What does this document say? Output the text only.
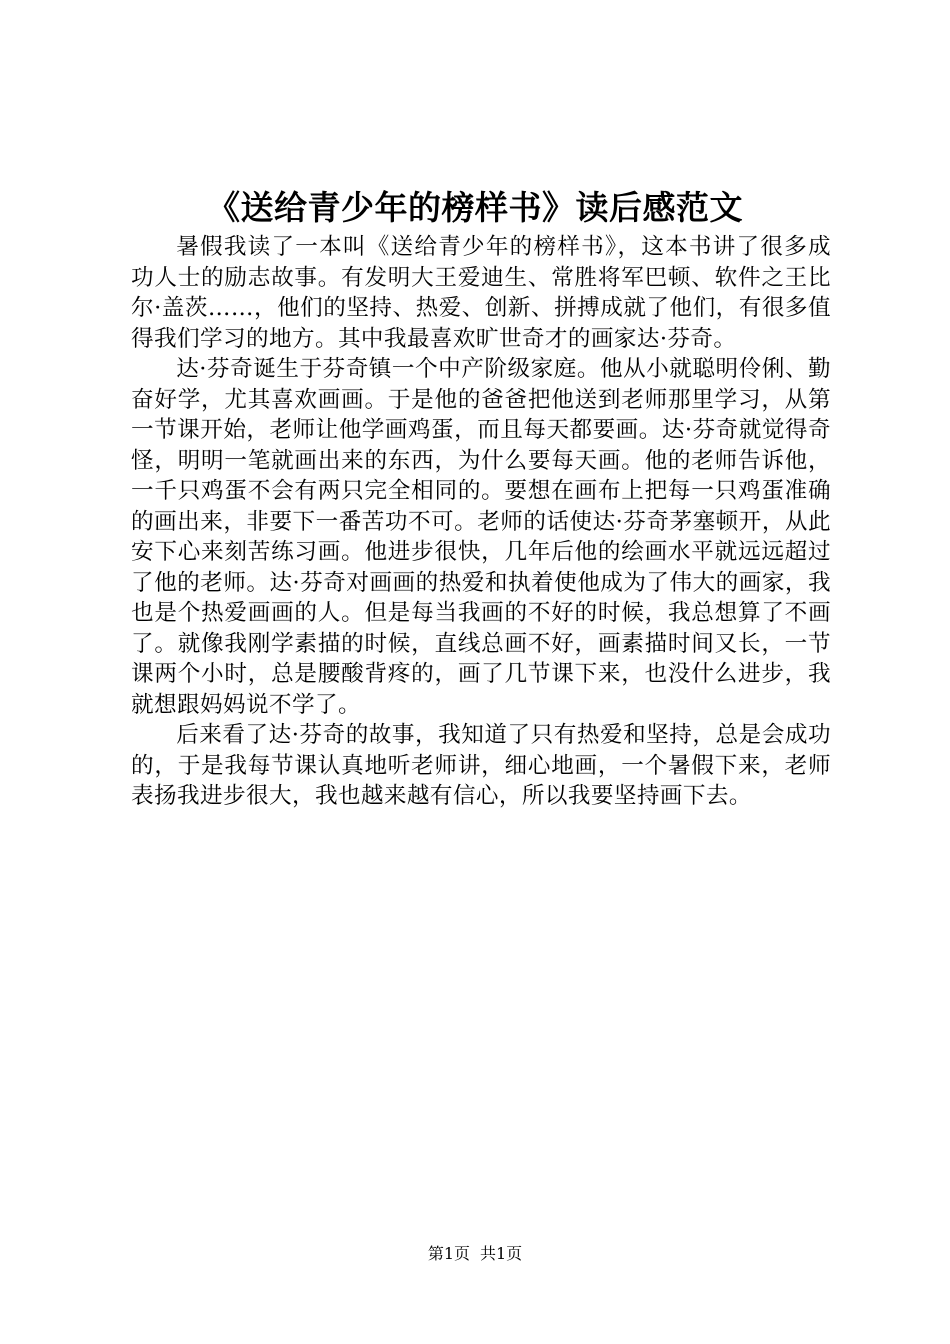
《送给青少年的榜样书》读后感范文

暑假我读了一本叫《送给青少年的榜样书》，这本书讲了很多成功人士的励志故事。有发明大王爱迪生、常胜将军巴顿、软件之王比尔·盖茨……，他们的坚持、热爱、创新、拼搏成就了他们，有很多值得我们学习的地方。其中我最喜欢旷世奇才的画家达·芬奇。

达·芬奇诞生于芬奇镇一个中产阶级家庭。他从小就聪明伶俐、勤奋好学，尤其喜欢画画。于是他的爸爸把他送到老师那里学习，从第一节课开始，老师让他学画鸡蛋，而且每天都要画。达·芬奇就觉得奇怪，明明一笔就画出来的东西，为什么要每天画。他的老师告诉他，一千只鸡蛋不会有两只完全相同的。要想在画布上把每一只鸡蛋准确的画出来，非要下一番苦功不可。老师的话使达·芬奇茅塞顿开，从此安下心来刻苦练习画。他进步很快，几年后他的绘画水平就远远超过了他的老师。达·芬奇对画画的热爱和执着使他成为了伟大的画家，我也是个热爱画画的人。但是每当我画的不好的时候，我总想算了不画了。就像我刚学素描的时候，直线总画不好，画素描时间又长，一节课两个小时，总是腰酸背疼的，画了几节课下来，也没什么进步，我就想跟妈妈说不学了。

后来看了达·芬奇的故事，我知道了只有热爱和坚持，总是会成功的，于是我每节课认真地听老师讲，细心地画，一个暑假下来，老师表扬我进步很大，我也越来越有信心，所以我要坚持画下去。

第1页 共1页
